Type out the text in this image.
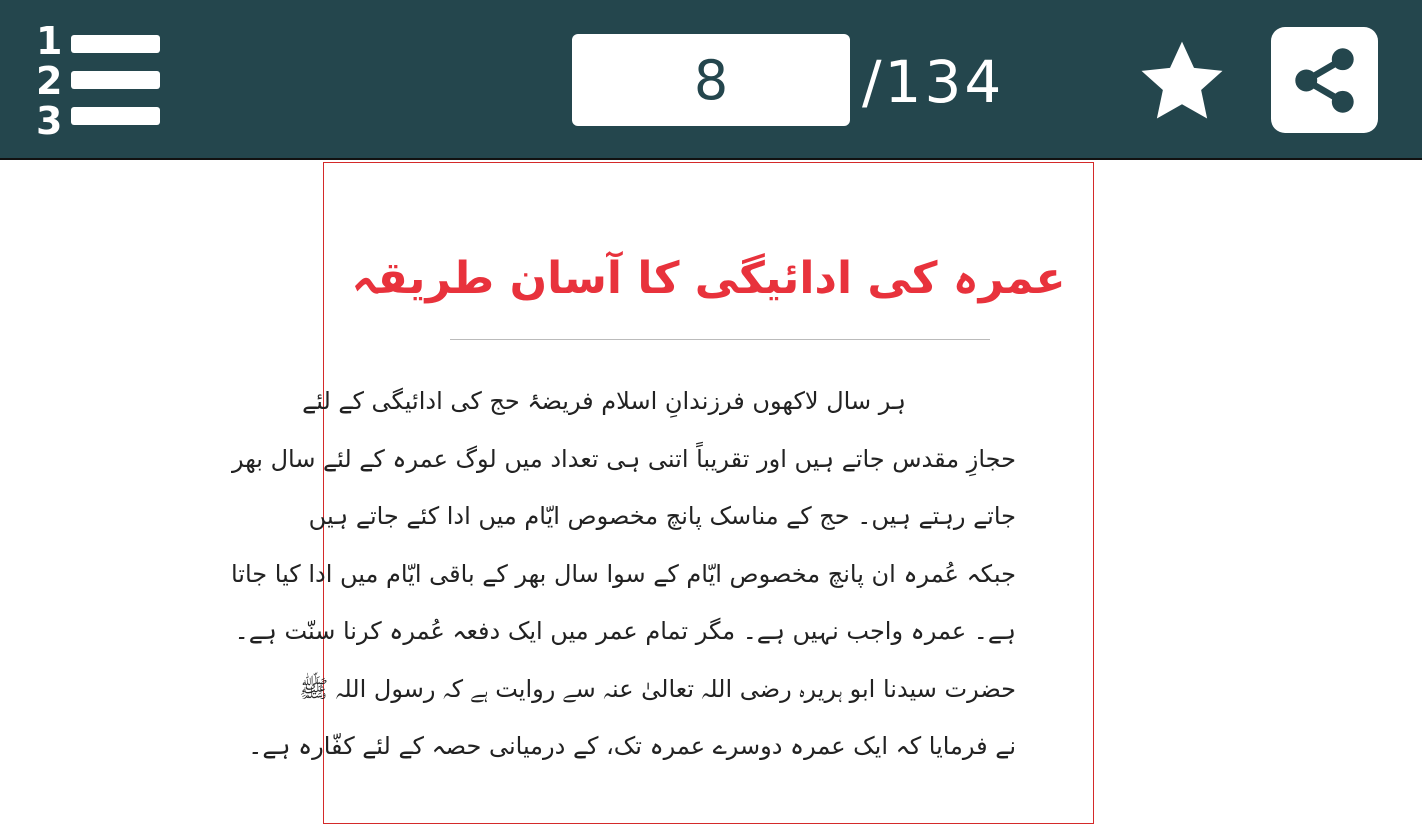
1
2
3
8
/134
عمرہ کی ادائیگی کا آسان طریقہ
ہر سال لاکھوں فرزندانِ اسلام فریضۂ حج کی ادائیگی کے لئے
حجازِ مقدس جاتے ہیں اور تقریباً اتنی ہی تعداد میں لوگ عمرہ کے لئے سال بھر
جاتے رہتے ہیں۔ حج کے مناسک پانچ مخصوص ایّام میں ادا کئے جاتے ہیں
جبکہ عُمرہ ان پانچ مخصوص ایّام کے سوا سال بھر کے باقی ایّام میں ادا کیا جاتا
ہے۔ عمرہ واجب نہیں ہے۔ مگر تمام عمر میں ایک دفعہ عُمرہ کرنا سنّت ہے۔
حضرت سیدنا ابو ہریرہ رضی اللہ تعالیٰ عنہ سے روایت ہے کہ رسول اللہ ﷺ
نے فرمایا کہ ایک عمرہ دوسرے عمرہ تک، کے درمیانی حصہ کے لئے کفّارہ ہے۔
